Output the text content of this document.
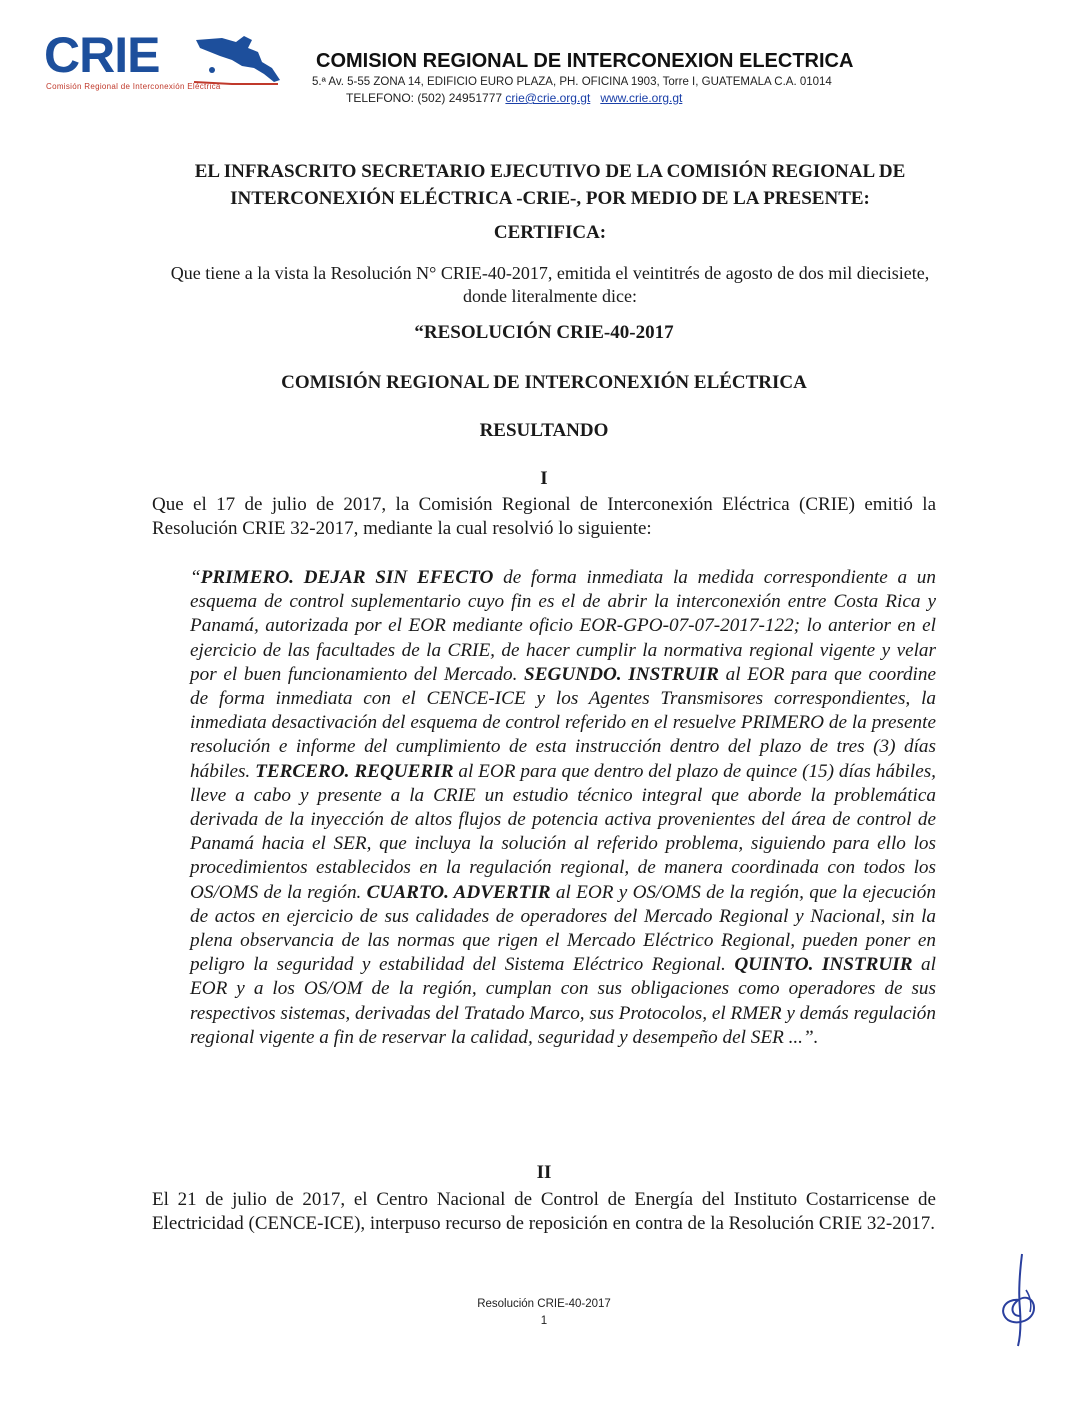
CRIE
Comisión Regional de Interconexión Eléctrica
COMISION REGIONAL DE INTERCONEXION ELECTRICA
5.ª Av. 5-55 ZONA 14, EDIFICIO EURO PLAZA, PH. OFICINA 1903, Torre I, GUATEMALA C.A. 01014
TELEFONO: (502) 24951777 crie@crie.org.gt www.crie.org.gt
EL INFRASCRITO SECRETARIO EJECUTIVO DE LA COMISIÓN REGIONAL DE INTERCONEXIÓN ELÉCTRICA -CRIE-, POR MEDIO DE LA PRESENTE:
CERTIFICA:
Que tiene a la vista la Resolución N° CRIE-40-2017, emitida el veintitrés de agosto de dos mil diecisiete, donde literalmente dice:
“RESOLUCIÓN CRIE-40-2017
COMISIÓN REGIONAL DE INTERCONEXIÓN ELÉCTRICA
RESULTANDO
I
Que el 17 de julio de 2017, la Comisión Regional de Interconexión Eléctrica (CRIE) emitió la Resolución CRIE 32-2017, mediante la cual resolvió lo siguiente:
“PRIMERO. DEJAR SIN EFECTO de forma inmediata la medida correspondiente a un esquema de control suplementario cuyo fin es el de abrir la interconexión entre Costa Rica y Panamá, autorizada por el EOR mediante oficio EOR-GPO-07-07-2017-122; lo anterior en el ejercicio de las facultades de la CRIE, de hacer cumplir la normativa regional vigente y velar por el buen funcionamiento del Mercado. SEGUNDO. INSTRUIR al EOR para que coordine de forma inmediata con el CENCE-ICE y los Agentes Transmisores correspondientes, la inmediata desactivación del esquema de control referido en el resuelve PRIMERO de la presente resolución e informe del cumplimiento de esta instrucción dentro del plazo de tres (3) días hábiles. TERCERO. REQUERIR al EOR para que dentro del plazo de quince (15) días hábiles, lleve a cabo y presente a la CRIE un estudio técnico integral que aborde la problemática derivada de la inyección de altos flujos de potencia activa provenientes del área de control de Panamá hacia el SER, que incluya la solución al referido problema, siguiendo para ello los procedimientos establecidos en la regulación regional, de manera coordinada con todos los OS/OMS de la región. CUARTO. ADVERTIR al EOR y OS/OMS de la región, que la ejecución de actos en ejercicio de sus calidades de operadores del Mercado Regional y Nacional, sin la plena observancia de las normas que rigen el Mercado Eléctrico Regional, pueden poner en peligro la seguridad y estabilidad del Sistema Eléctrico Regional. QUINTO. INSTRUIR al EOR y a los OS/OM de la región, cumplan con sus obligaciones como operadores de sus respectivos sistemas, derivadas del Tratado Marco, sus Protocolos, el RMER y demás regulación regional vigente a fin de reservar la calidad, seguridad y desempeño del SER ...”.
II
El 21 de julio de 2017, el Centro Nacional de Control de Energía del Instituto Costarricense de Electricidad (CENCE-ICE), interpuso recurso de reposición en contra de la Resolución CRIE 32-2017.
Resolución CRIE-40-2017
1
